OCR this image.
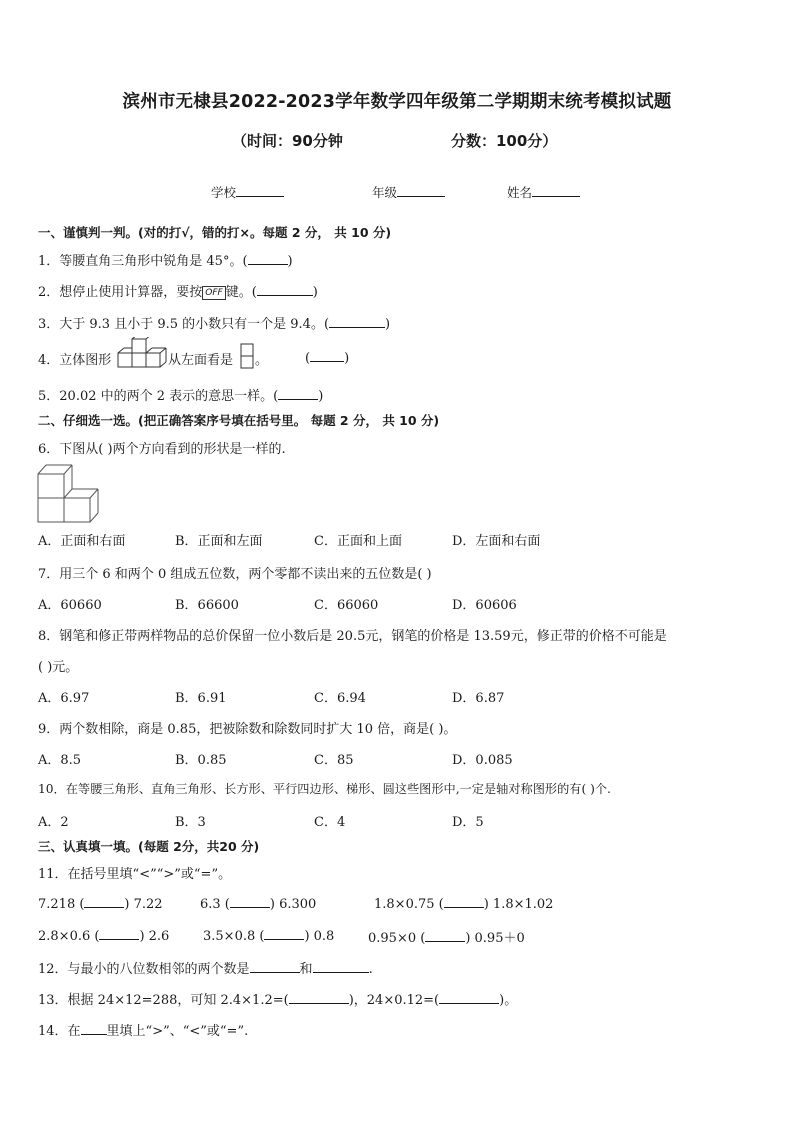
滨州市无棣县2022-2023学年数学四年级第二学期期末统考模拟试题
（时间：90分钟	分数：100分）
学校	年级	姓名
一、谨慎判一判。(对的打√，错的打×。每题 2 分， 共 10 分)
1．等腰直角三角形中锐角是 45°。(	)
2．想停止使用计算器，要按 OFF 键。(	)
3．大于 9.3 且小于 9.5 的小数只有一个是 9.4。(	)
4．立体图形	从左面看是 。	(	)
5．20.02 中的两个 2 表示的意思一样。(	)
二、仔细选一选。(把正确答案序号填在括号里。 每题 2 分， 共 10 分)
6．下图从( )两个方向看到的形状是一样的.
A．正面和右面	B．正面和左面	C．正面和上面	D．左面和右面
7．用三个 6 和两个 0 组成五位数，两个零都不读出来的五位数是( )
A．60660	B．66600	C．66060	D．60606
8．钢笔和修正带两样物品的总价保留一位小数后是 20.5元，钢笔的价格是 13.59元，修正带的价格不可能是
( )元。
A．6.97	B．6.91	C．6.94	D．6.87
9．两个数相除，商是 0.85，把被除数和除数同时扩大 10 倍，商是( )。
A．8.5	B．0.85	C．85	D．0.085
10．在等腰三角形、直角三角形、长方形、平行四边形、梯形、圆这些图形中,一定是轴对称图形的有( )个.
A．2	B．3	C．4	D．5
三、认真填一填。(每题 2分，共20 分)
11．在括号里填“<”“>”或“=”。
7.218 (	) 7.22	6.3 (	) 6.300	1.8×0.75 (	) 1.8×1.02
2.8×0.6 (	) 2.6	3.5×0.8 (	) 0.8	0.95×0 (	) 0.95＋0
12．与最小的八位数相邻的两个数是	和	.
13．根据 24×12=288，可知 2.4×1.2=(	)，24×0.12=(	)。
14．在 里填上“>”、“<”或“=”.
